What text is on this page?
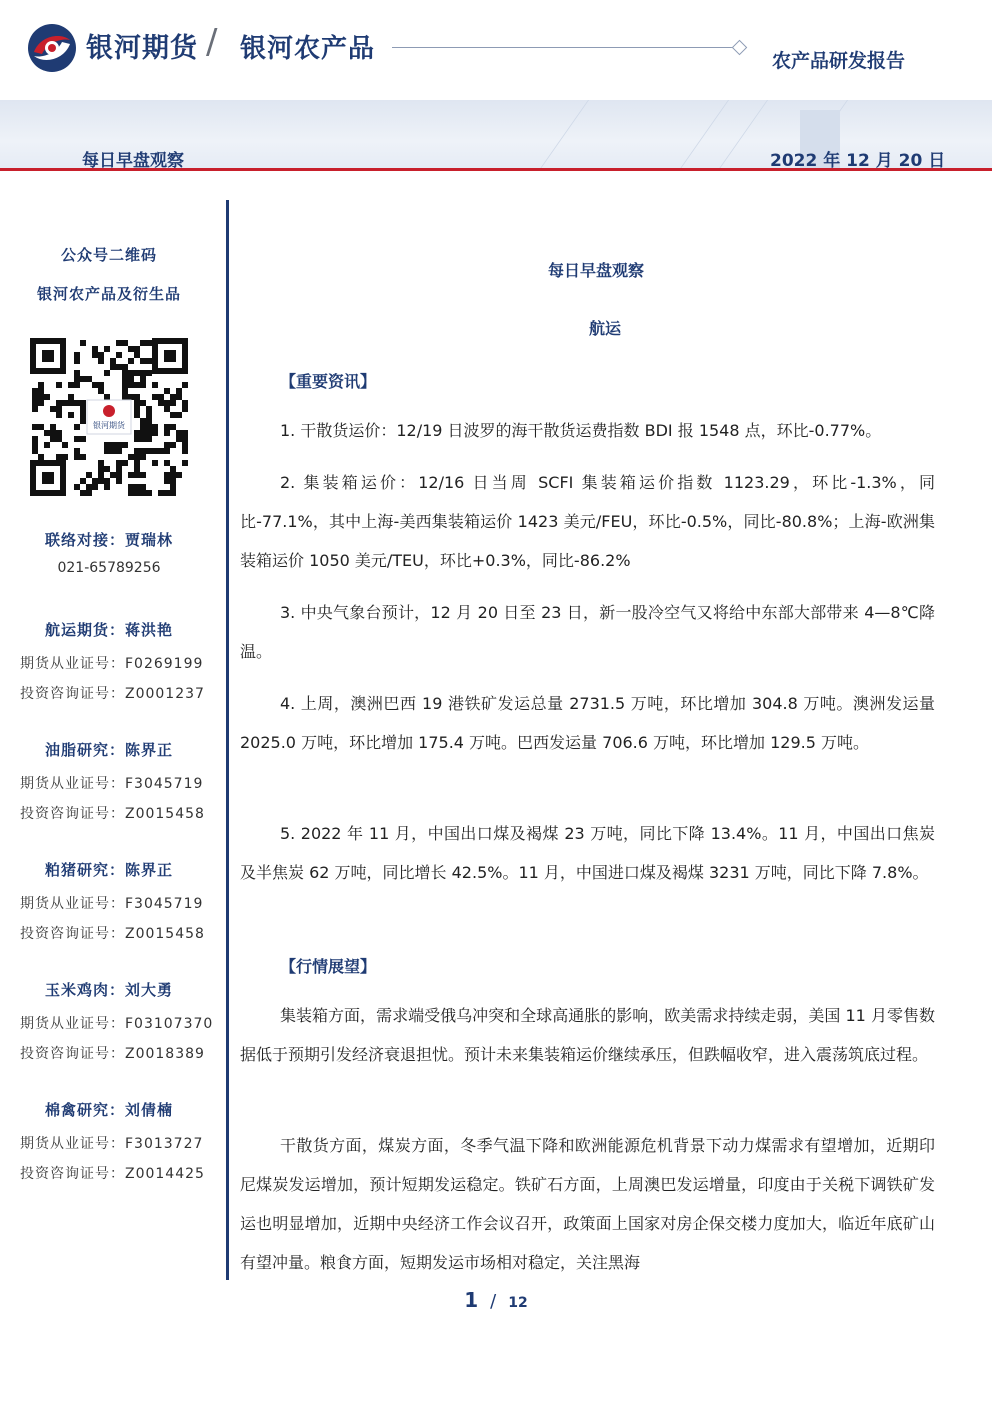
银河期货 / 银河农产品	农产品研发报告
每日早盘观察	2022 年 12 月 20 日
公众号二维码
银河农产品及衍生品
银河期货
联络对接：贾瑞林
021-65789256
航运期货：蒋洪艳
期货从业证号：F0269199
投资咨询证号：Z0001237
油脂研究：陈界正
期货从业证号：F3045719
投资咨询证号：Z0015458
粕猪研究：陈界正
期货从业证号：F3045719
投资咨询证号：Z0015458
玉米鸡肉：刘大勇
期货从业证号：F03107370
投资咨询证号：Z0018389
棉禽研究：刘倩楠
期货从业证号：F3013727
投资咨询证号：Z0014425
每日早盘观察
航运
【重要资讯】
1. 干散货运价：12/19 日波罗的海干散货运费指数 BDI 报 1548 点，环比-0.77%。
2. 集装箱运价：12/16 日当周 SCFI 集装箱运价指数 1123.29，环比-1.3%，同比-77.1%，其中上海-美西集装箱运价 1423 美元/FEU，环比-0.5%，同比-80.8%；上海-欧洲集装箱运价 1050 美元/TEU，环比+0.3%，同比-86.2%
3. 中央气象台预计，12 月 20 日至 23 日，新一股冷空气又将给中东部大部带来 4—8℃降温。
4. 上周，澳洲巴西 19 港铁矿发运总量 2731.5 万吨，环比增加 304.8 万吨。澳洲发运量 2025.0 万吨，环比增加 175.4 万吨。巴西发运量 706.6 万吨，环比增加 129.5 万吨。
5. 2022 年 11 月，中国出口煤及褐煤 23 万吨，同比下降 13.4%。11 月，中国出口焦炭及半焦炭 62 万吨，同比增长 42.5%。11 月，中国进口煤及褐煤 3231 万吨，同比下降 7.8%。
【行情展望】
集装箱方面，需求端受俄乌冲突和全球高通胀的影响，欧美需求持续走弱，美国 11 月零售数据低于预期引发经济衰退担忧。预计未来集装箱运价继续承压，但跌幅收窄，进入震荡筑底过程。
干散货方面，煤炭方面，冬季气温下降和欧洲能源危机背景下动力煤需求有望增加，近期印尼煤炭发运增加，预计短期发运稳定。铁矿石方面，上周澳巴发运增量，印度由于关税下调铁矿发运也明显增加，近期中央经济工作会议召开，政策面上国家对房企保交楼力度加大，临近年底矿山有望冲量。粮食方面，短期发运市场相对稳定，关注黑海
1 / 12
